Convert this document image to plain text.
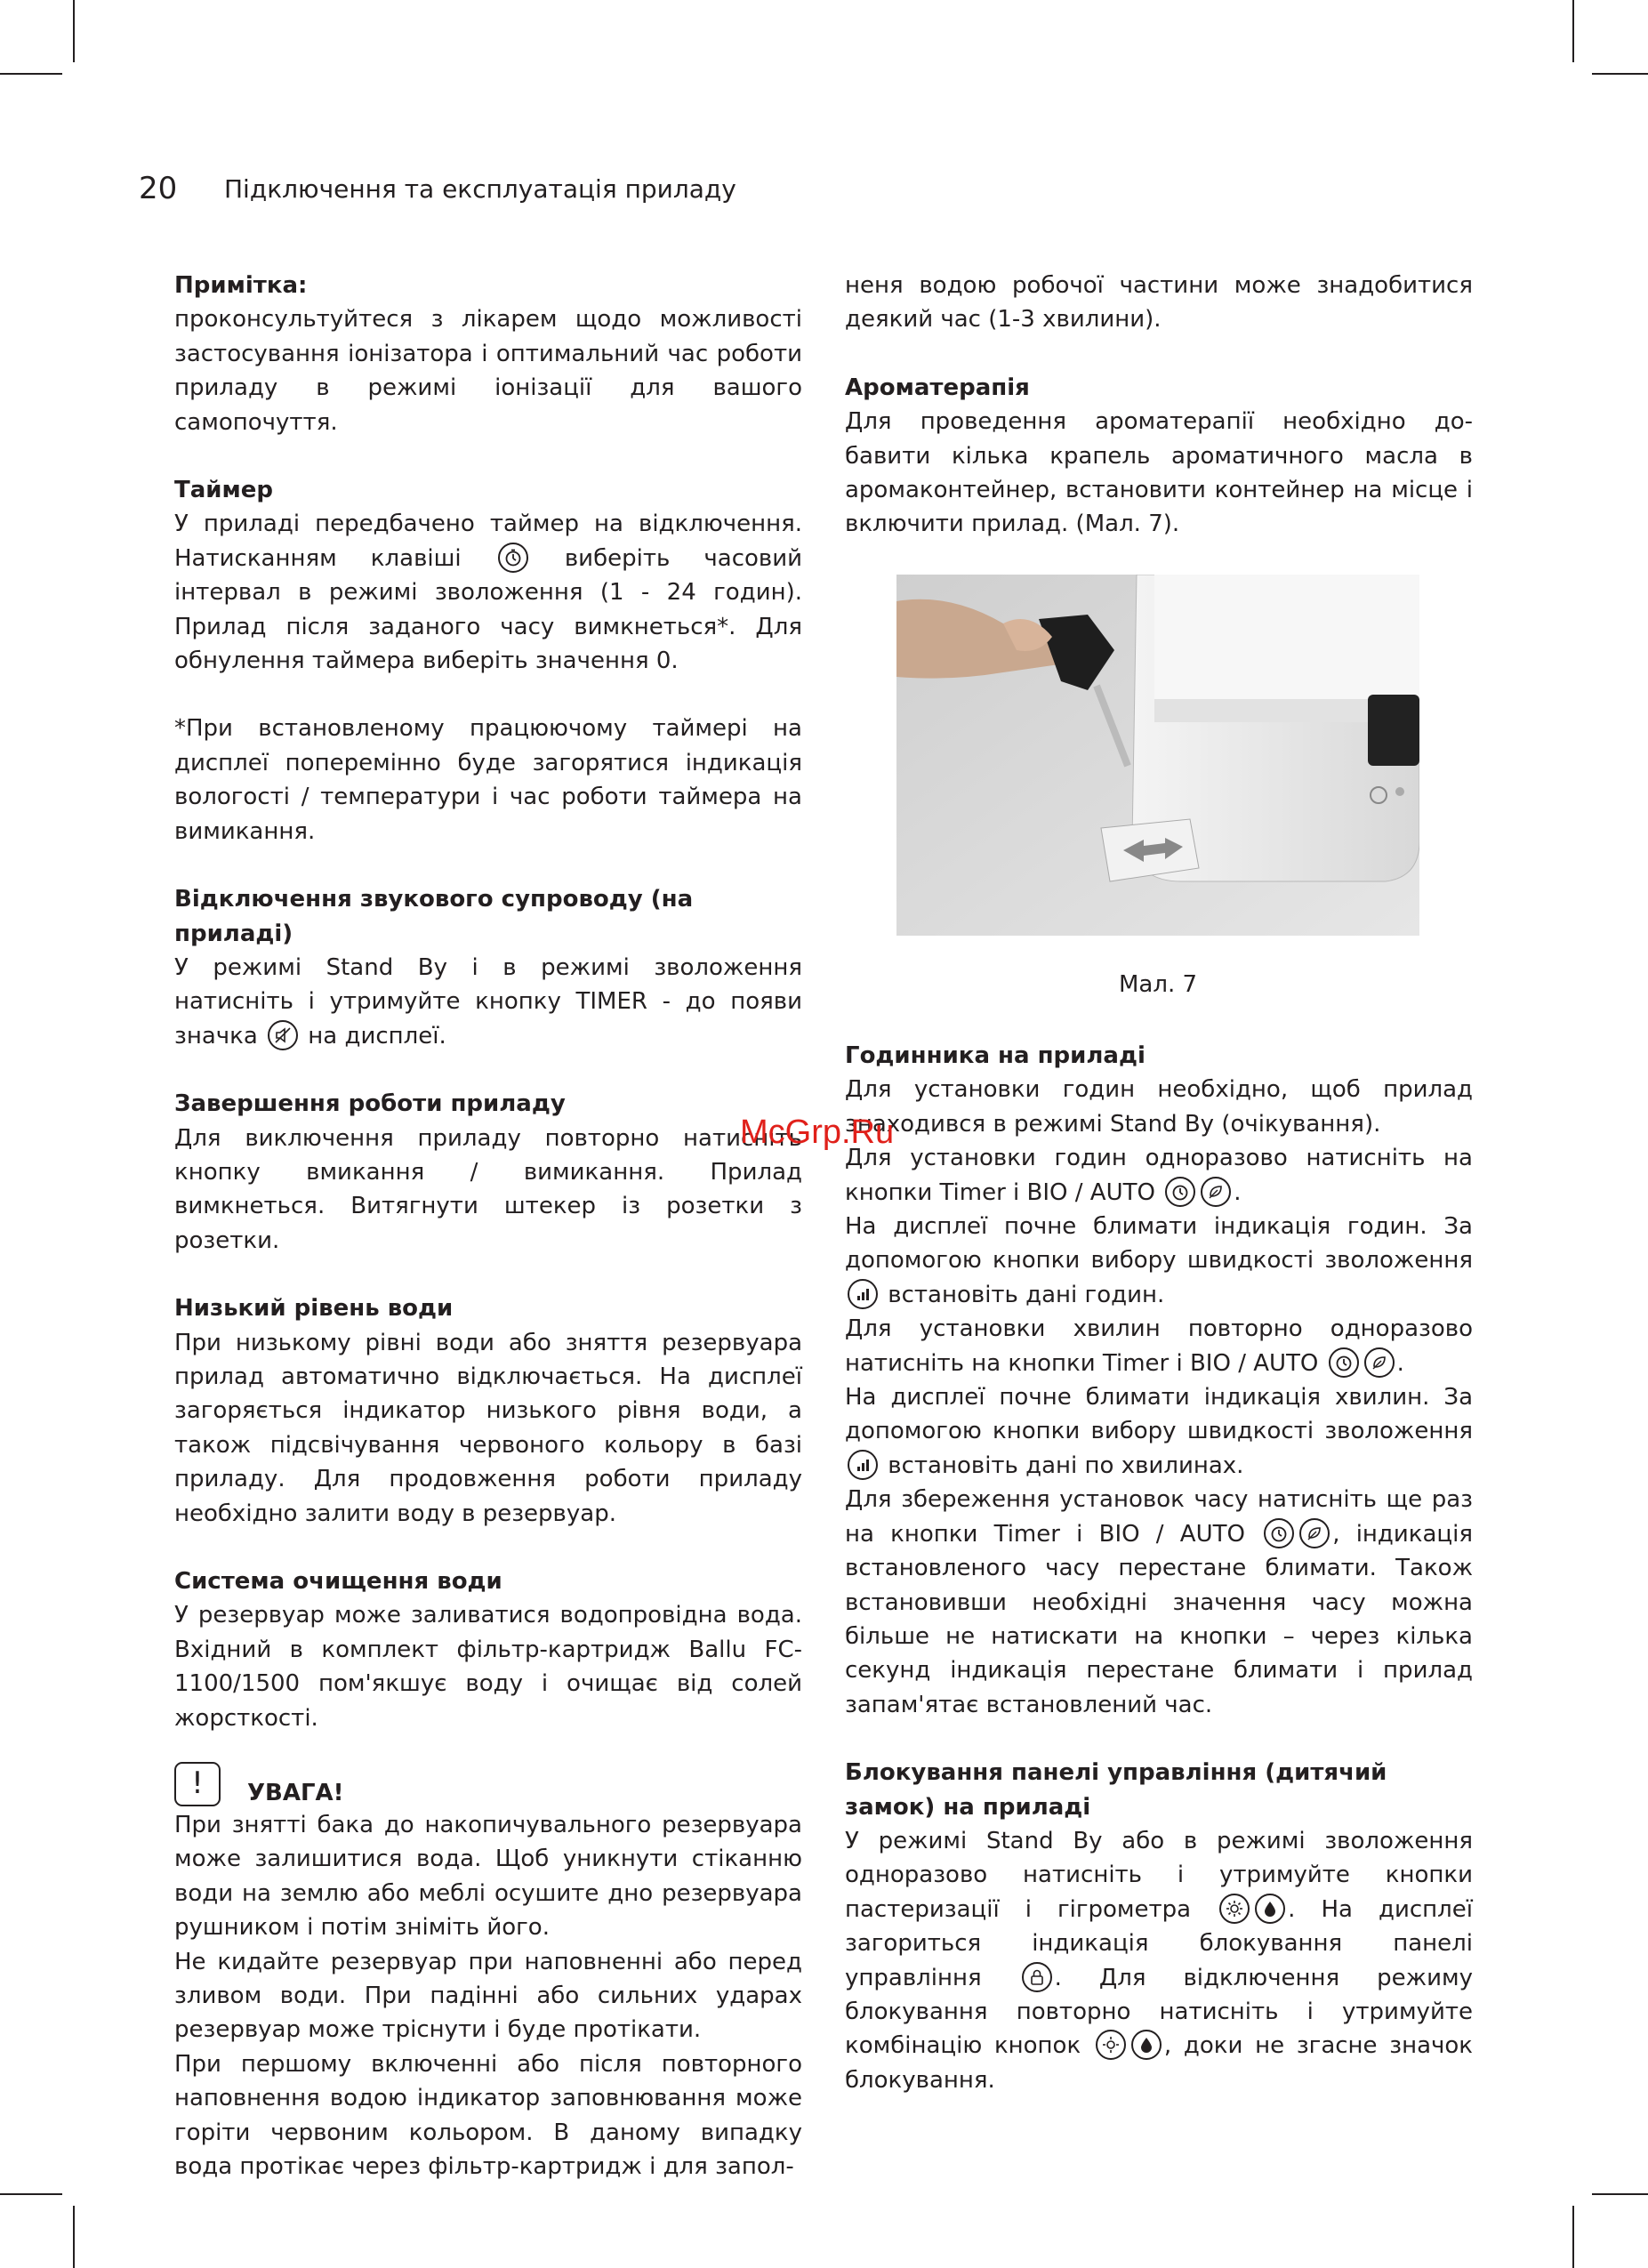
20 Підключення та експлуатація приладу
Примітка:

проконсультуйтеся з лікарем щодо можливості застосування іонізатора і оптимальний час роботи приладу в режимі іонізації для вашого самопочуття.

Таймер

У приладі передбачено таймер на відключення. Натисканням клавіші	виберіть часовий інтервал в режимі зволоження (1 - 24 годин). Прилад після заданого часу вимкнеться*. Для обнулення таймера виберіть значення 0.

*При встановленому працюючому таймері на дисплеї поперемінно буде загорятися індикація вологості / температури і час роботи таймера на вимикання.

Відключення звукового супроводу (на приладі)

У режимі Stand By і в режимі зволоження натисніть і утримуйте кнопку TIMER - до появи значка на дисплеї.

Завершення роботи приладу

Для виключення приладу повторно натисніть кнопку вмикання / вимикання. Прилад вимкнеться. Витягнути штекер із розетки з розетки.

Низький рівень води

При низькому рівні води або зняття резервуара прилад автоматично відключається. На дисплеї загоряється індикатор низького рівня води, а також підсвічування червоного кольору в базі приладу. Для продовження роботи приладу необхідно залити воду в резервуар.

Система очищення води

У резервуар може заливатися водопровідна вода. Вхідний в комплект фільтр-картридж Ballu FC-1100/1500 пом'якшує воду і очищає від солей жорсткості.

!	УВАГА!

При знятті бака до накопичувального резервуара може залишитися вода. Щоб уникнути стіканню води на землю або меблі осушите дно резервуара рушником і потім зніміть його.

Не кидайте резервуар при наповненні або перед зливом води. При падінні або сильних ударах резервуар може тріснути і буде протікати.

При першому включенні або після повторного наповнення водою індикатор заповнювання може горіти червоним кольором. В даному випадку вода протікає через фільтр-картридж і для запол-

неня водою робочої частини може знадобитися деякий час (1-3 хвилини).

Ароматерапія

Для проведення ароматерапії необхідно до- бавити кілька крапель ароматичного масла в аромаконтейнер, встановити контейнер на місце і включити прилад. (Мал. 7).

Мал. 7
Годинника на приладі

Для установки годин необхідно, щоб прилад знаходився в режимі Stand By (очікування).

Для установки годин одноразово натисніть на кнопки Timer і BIO / AUTO	.

На дисплеї почне блимати індикація годин. За допомогою кнопки вибору швидкості зволоження
встановіть дані годин.

Для установки хвилин повторно одноразово натисніть на кнопки Timer і BIO / AUTO	.

На дисплеї почне блимати індикація хвилин. За допомогою кнопки вибору швидкості зволоження
встановіть дані по хвилинах.

Для збереження установок часу натисніть ще раз на кнопки Timer і BIO / AUTO	, індикація встановленого часу перестане блимати. Також встановивши необхідні значення часу можна більше не натискати на кнопки – через кілька секунд індикація перестане блимати і прилад запам'ятає встановлений час.

Блокування панелі управління (дитячий замок) на приладі

У режимі Stand By або в режимі зволоження одноразово натисніть і утримуйте кнопки пастеризації і гігрометра	. На дисплеї загориться індикація блокування панелі управління	. Для відключення режиму блокування повторно натисніть і утримуйте комбінацію кнопок	, доки не згасне значок блокування.

McGrp.Ru
